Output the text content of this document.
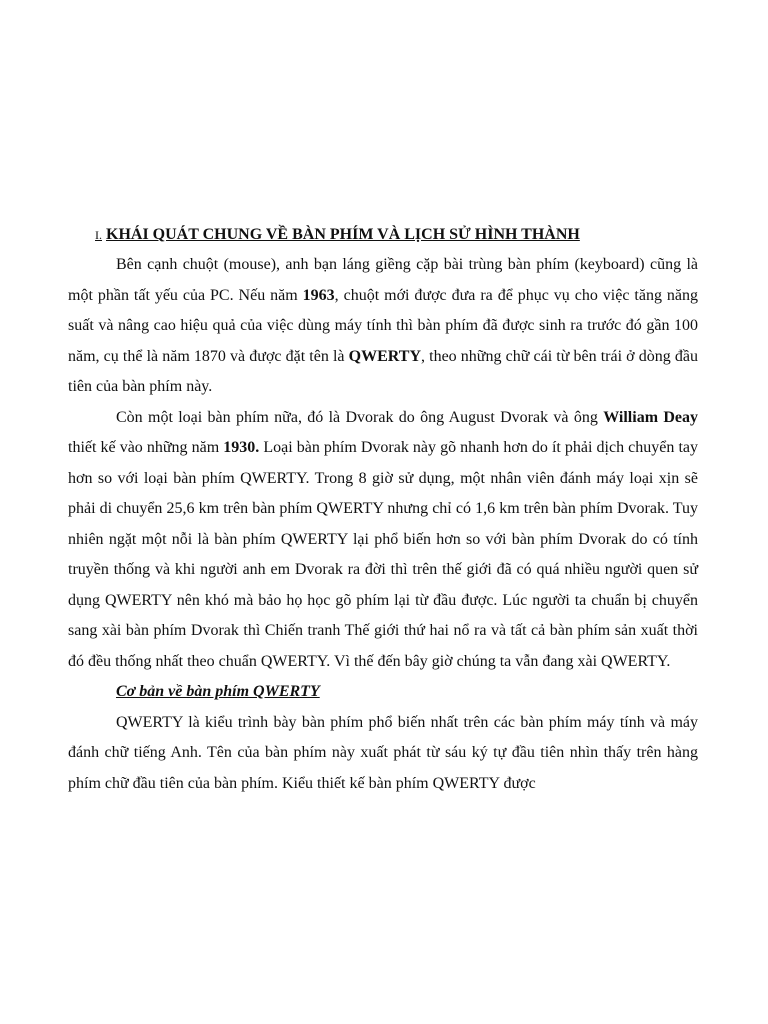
I. KHÁI QUÁT CHUNG VỀ BÀN PHÍM VÀ LỊCH SỬ HÌNH THÀNH

Bên cạnh chuột (mouse), anh bạn láng giềng cặp bài trùng bàn phím (keyboard) cũng là một phần tất yếu của PC. Nếu năm 1963, chuột mới được đưa ra để phục vụ cho việc tăng năng suất và nâng cao hiệu quả của việc dùng máy tính thì bàn phím đã được sinh ra trước đó gần 100 năm, cụ thể là năm 1870 và được đặt tên là QWERTY, theo những chữ cái từ bên trái ở dòng đầu tiên của bàn phím này.

Còn một loại bàn phím nữa, đó là Dvorak do ông August Dvorak và ông William Deay thiết kế vào những năm 1930. Loại bàn phím Dvorak này gõ nhanh hơn do ít phải dịch chuyển tay hơn so với loại bàn phím QWERTY. Trong 8 giờ sử dụng, một nhân viên đánh máy loại xịn sẽ phải di chuyển 25,6 km trên bàn phím QWERTY nhưng chỉ có 1,6 km trên bàn phím Dvorak. Tuy nhiên ngặt một nỗi là bàn phím QWERTY lại phổ biến hơn so với bàn phím Dvorak do có tính truyền thống và khi người anh em Dvorak ra đời thì trên thế giới đã có quá nhiều người quen sử dụng QWERTY nên khó mà bảo họ học gõ phím lại từ đầu được. Lúc người ta chuẩn bị chuyển sang xài bàn phím Dvorak thì Chiến tranh Thế giới thứ hai nổ ra và tất cả bàn phím sản xuất thời đó đều thống nhất theo chuẩn QWERTY. Vì thế đến bây giờ chúng ta vẫn đang xài QWERTY.

Cơ bản về bàn phím QWERTY

QWERTY là kiểu trình bày bàn phím phổ biến nhất trên các bàn phím máy tính và máy đánh chữ tiếng Anh. Tên của bàn phím này xuất phát từ sáu ký tự đầu tiên nhìn thấy trên hàng phím chữ đầu tiên của bàn phím. Kiểu thiết kế bàn phím QWERTY được
